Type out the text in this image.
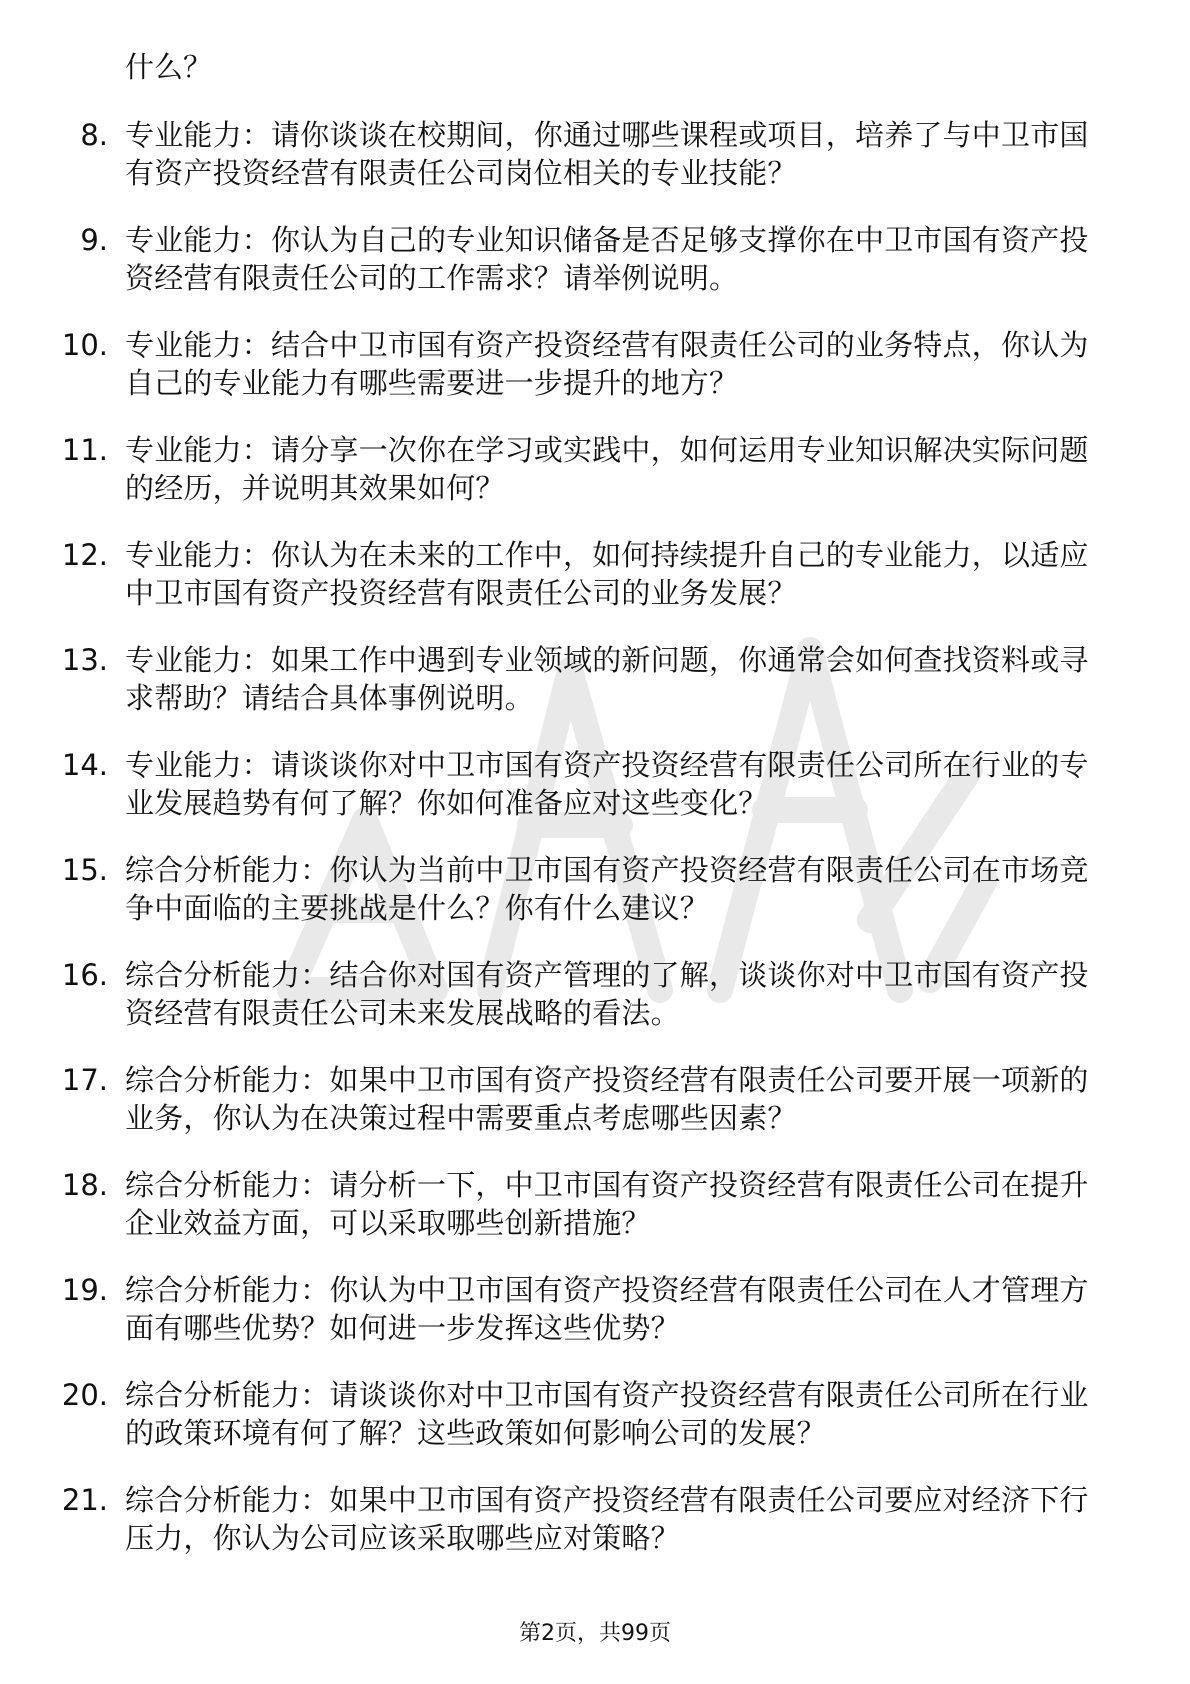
什么？
8. 专业能力：请你谈谈在校期间，你通过哪些课程或项目，培养了与中卫市国有资产投资经营有限责任公司岗位相关的专业技能？
9. 专业能力：你认为自己的专业知识储备是否足够支撑你在中卫市国有资产投资经营有限责任公司的工作需求？请举例说明。
10. 专业能力：结合中卫市国有资产投资经营有限责任公司的业务特点，你认为自己的专业能力有哪些需要进一步提升的地方？
11. 专业能力：请分享一次你在学习或实践中，如何运用专业知识解决实际问题的经历，并说明其效果如何？
12. 专业能力：你认为在未来的工作中，如何持续提升自己的专业能力，以适应中卫市国有资产投资经营有限责任公司的业务发展？
13. 专业能力：如果工作中遇到专业领域的新问题，你通常会如何查找资料或寻求帮助？请结合具体事例说明。
14. 专业能力：请谈谈你对中卫市国有资产投资经营有限责任公司所在行业的专业发展趋势有何了解？你如何准备应对这些变化？
15. 综合分析能力：你认为当前中卫市国有资产投资经营有限责任公司在市场竞争中面临的主要挑战是什么？你有什么建议？
16. 综合分析能力：结合你对国有资产管理的了解，谈谈你对中卫市国有资产投资经营有限责任公司未来发展战略的看法。
17. 综合分析能力：如果中卫市国有资产投资经营有限责任公司要开展一项新的业务，你认为在决策过程中需要重点考虑哪些因素？
18. 综合分析能力：请分析一下，中卫市国有资产投资经营有限责任公司在提升企业效益方面，可以采取哪些创新措施？
19. 综合分析能力：你认为中卫市国有资产投资经营有限责任公司在人才管理方面有哪些优势？如何进一步发挥这些优势？
20. 综合分析能力：请谈谈你对中卫市国有资产投资经营有限责任公司所在行业的政策环境有何了解？这些政策如何影响公司的发展？
21. 综合分析能力：如果中卫市国有资产投资经营有限责任公司要应对经济下行压力，你认为公司应该采取哪些应对策略？
第2页，共99页
